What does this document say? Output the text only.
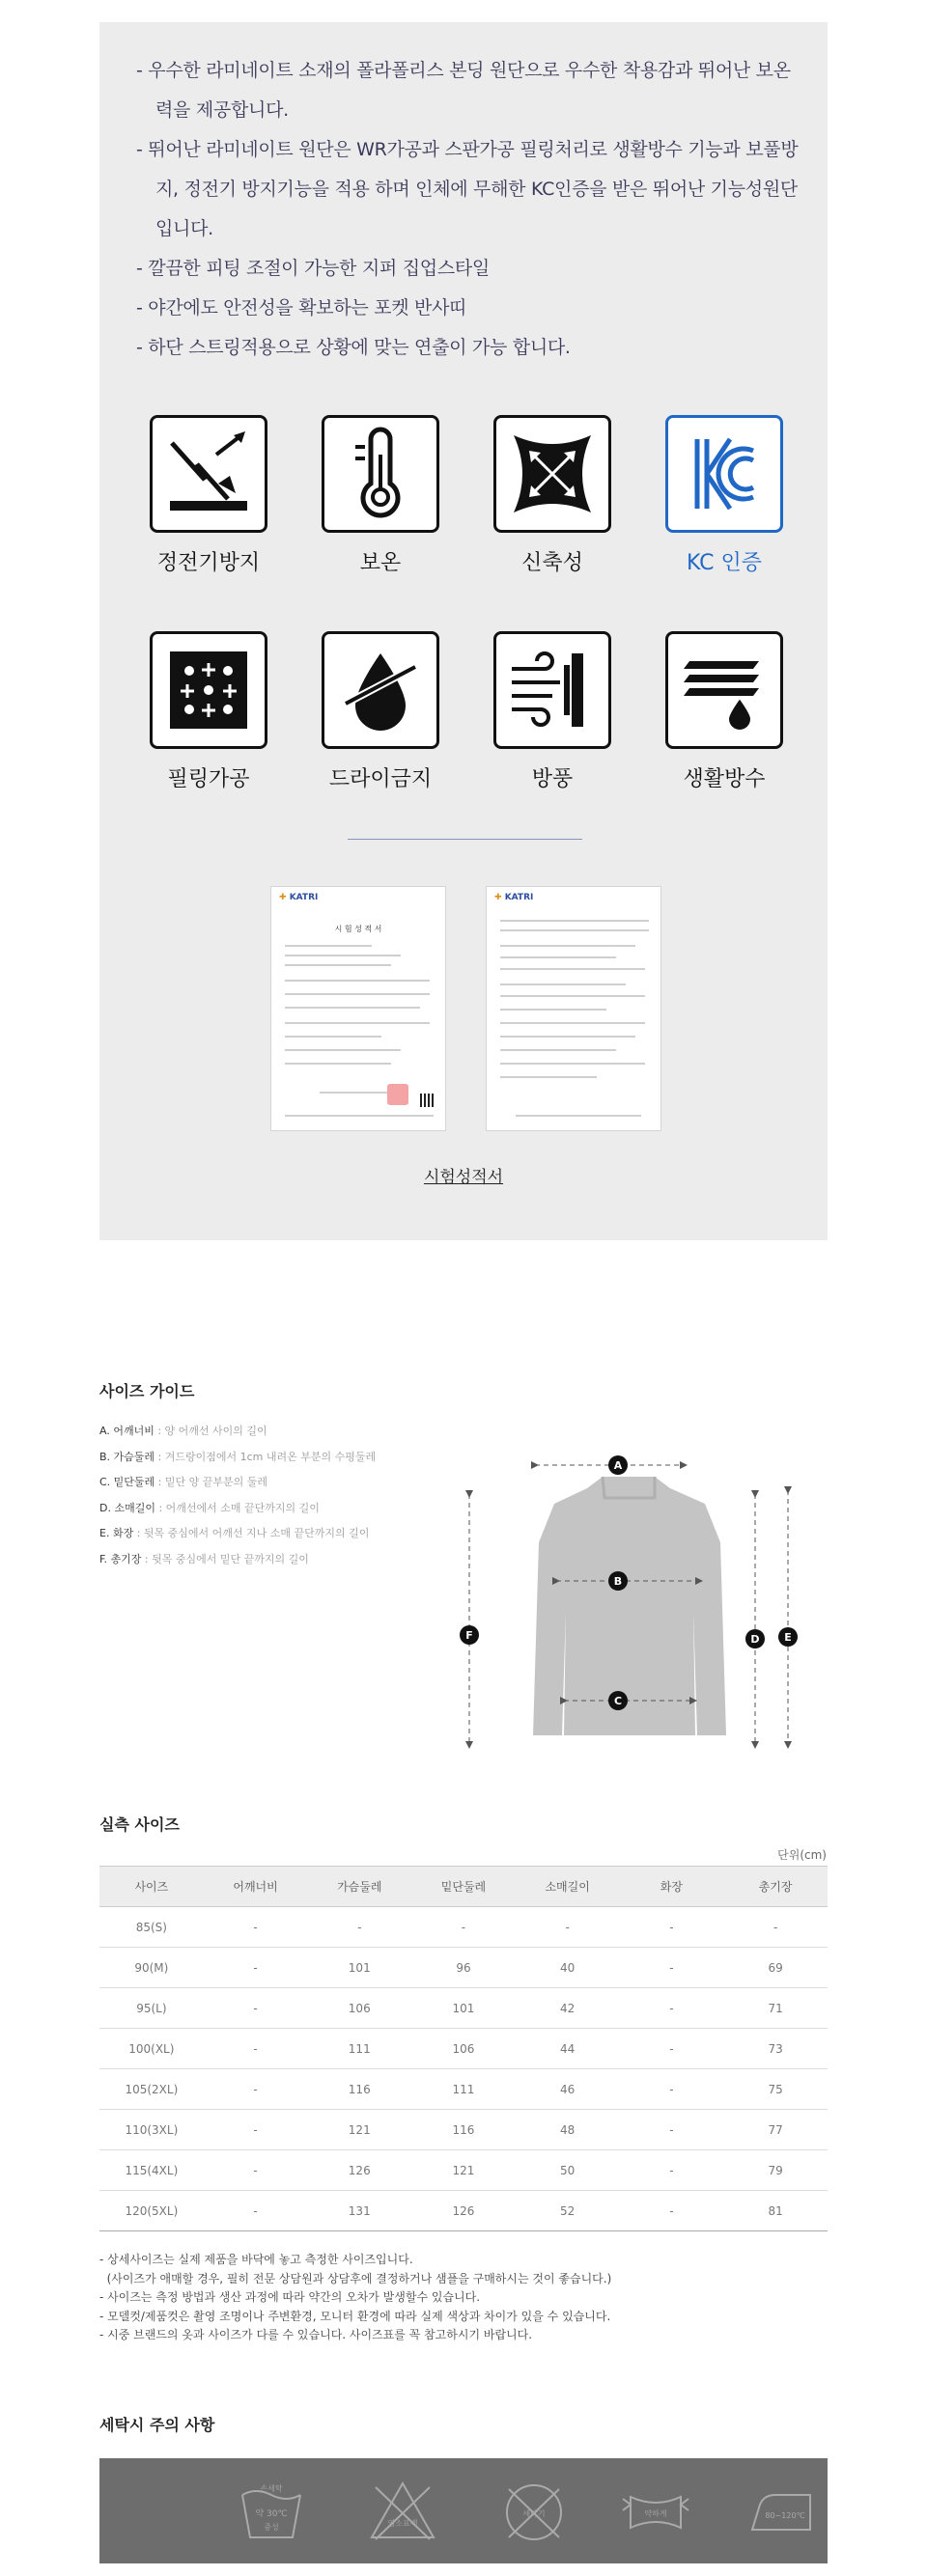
- 우수한 라미네이트 소재의 폴라폴리스 본딩 원단으로 우수한 착용감과 뛰어난 보온력을 제공합니다.
- 뛰어난 라미네이트 원단은 WR가공과 스판가공 필링처리로 생활방수 기능과 보풀방지, 정전기 방지기능을 적용 하며 인체에 무해한 KC인증을 받은 뛰어난 기능성원단 입니다.
- 깔끔한 피팅 조절이 가능한 지퍼 집업스타일
- 야간에도 안전성을 확보하는 포켓 반사띠
- 하단 스트링적용으로 상황에 맞는 연출이 가능 합니다.
정전기방지	보온	신축성	KC 인증
필링가공	드라이금지	방풍	생활방수
✚ KATRI
시 험 성 적 서
✚ KATRI
시험성적서
사이즈 가이드
A. 어깨너비 : 양 어깨선 사이의 길이
B. 가슴둘레 : 겨드랑이점에서 1cm 내려온 부분의 수평둘레
C. 밑단둘레 : 밑단 양 끝부분의 둘레
D. 소매길이 : 어깨선에서 소매 끝단까지의 길이
E. 화장 : 뒷목 중심에서 어깨선 지나 소매 끝단까지의 길이
F. 총기장 : 뒷목 중심에서 밑단 끝까지의 길이
A
B
C
D E
F
실측 사이즈
단위(cm)
사이즈	어깨너비	가슴둘레	밑단둘레	소매길이	화장	총기장
85(S)	-	-	-	-	-	-
90(M)	-	101	96	40	-	69
95(L)	-	106	101	42	-	71
100(XL)	-	111	106	44	-	73
105(2XL)	-	116	111	46	-	75
110(3XL)	-	121	116	48	-	77
115(4XL)	-	126	121	50	-	79
120(5XL)	-	131	126	52	-	81
- 상세사이즈는 실제 제품을 바닥에 놓고 측정한 사이즈입니다.
(사이즈가 애매할 경우, 필히 전문 상담원과 상담후에 결정하거나 샘플을 구매하시는 것이 좋습니다.)
- 사이즈는 측정 방법과 생산 과정에 따라 약간의 오차가 발생할수 있습니다.
- 모델컷/제품컷은 촬영 조명이나 주변환경, 모니터 환경에 따라 실제 색상과 차이가 있을 수 있습니다.
- 시중 브랜드의 옷과 사이즈가 다를 수 있습니다. 사이즈표를 꼭 참고하시기 바랍니다.
세탁시 주의 사항
손세탁
약 30℃
중성	염소표백
세탁기	약하게	80~120℃
